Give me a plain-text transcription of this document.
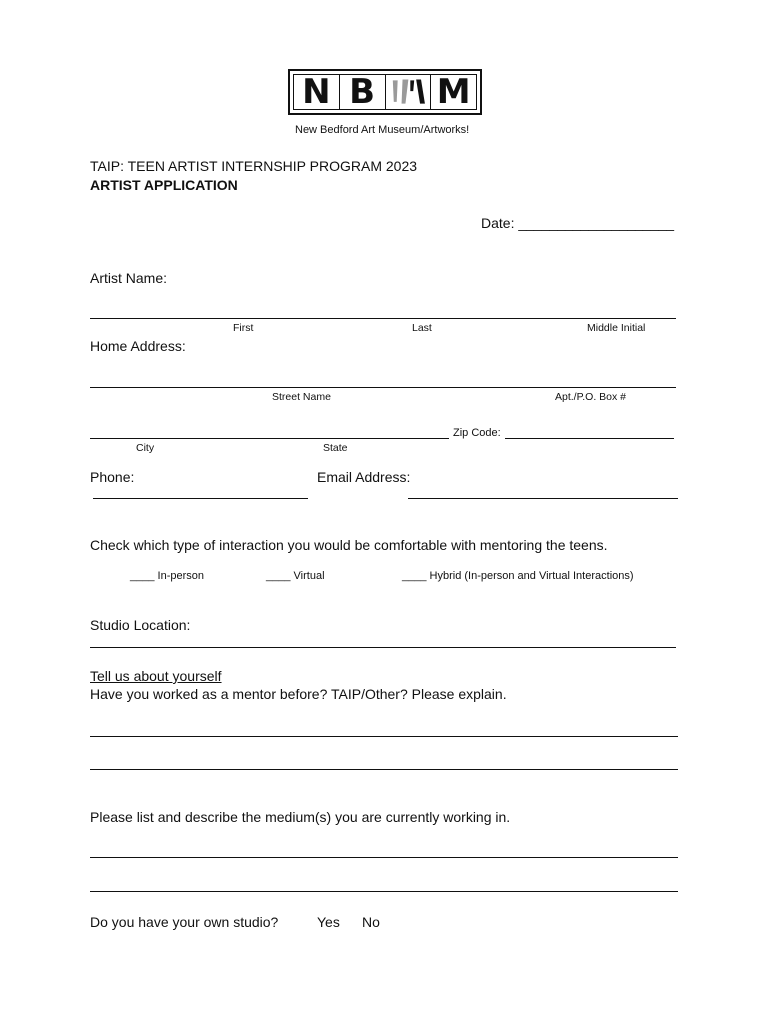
N B	M
New Bedford Art Museum/Artworks!
TAIP: TEEN ARTIST INTERNSHIP PROGRAM 2023
ARTIST APPLICATION
Date: ____________________
Artist Name:
First	Last	Middle Initial
Home Address:
Street Name	Apt./P.O. Box #
Zip Code:
City	State
Phone:	Email Address:
Check which type of interaction you would be comfortable with mentoring the teens.
____ In-person	____ Virtual	____ Hybrid (In-person and Virtual Interactions)
Studio Location:
Tell us about yourself
Have you worked as a mentor before? TAIP/Other? Please explain.
Please list and describe the medium(s) you are currently working in.
Do you have your own studio?	Yes No
